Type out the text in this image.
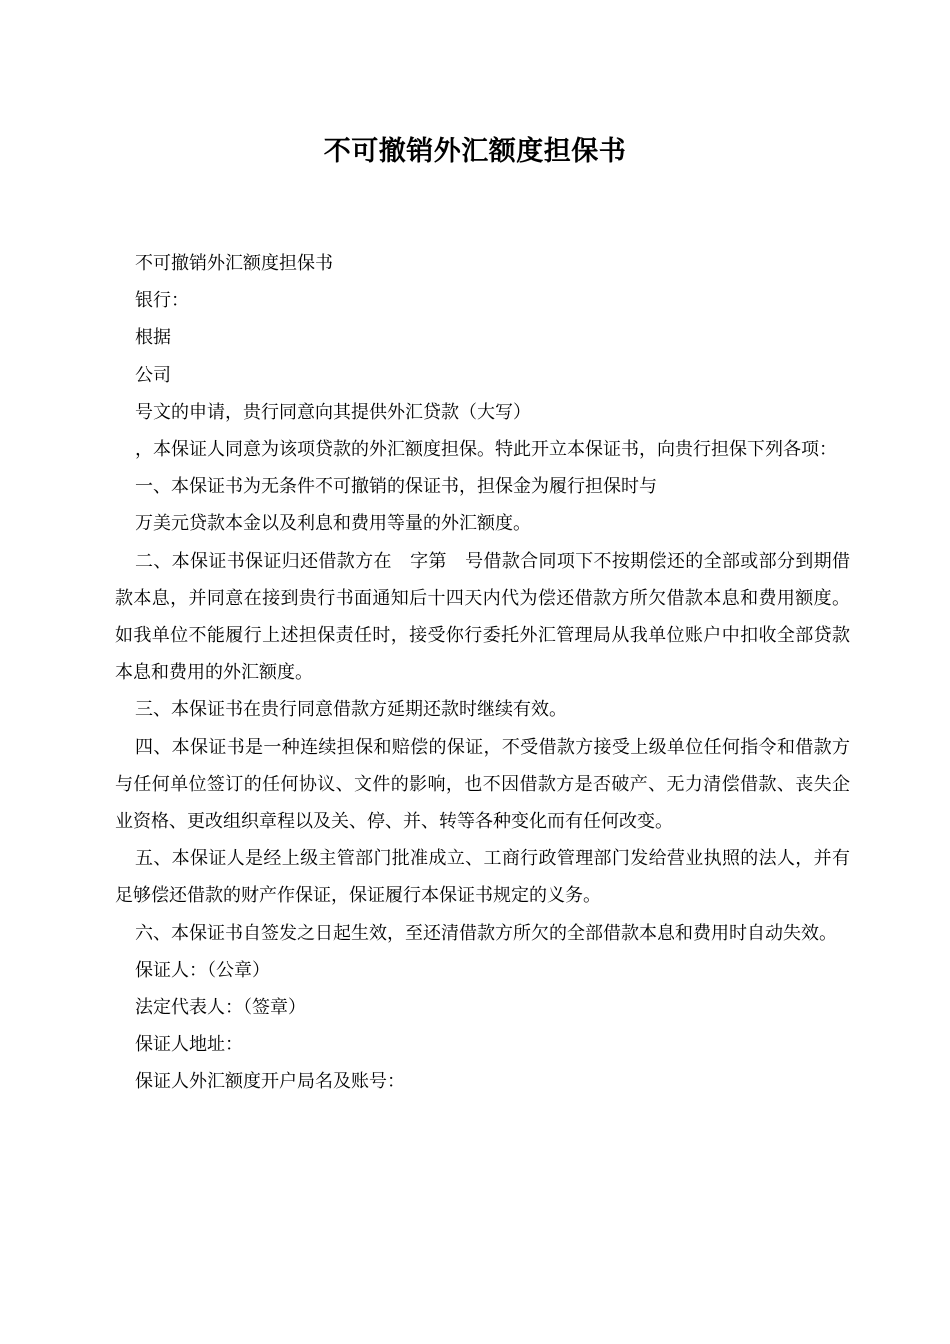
不可撤销外汇额度担保书

不可撤销外汇额度担保书

银行：

根据

公司

号文的申请，贵行同意向其提供外汇贷款（大写）

，本保证人同意为该项贷款的外汇额度担保。特此开立本保证书，向贵行担保下列各项：

一、本保证书为无条件不可撤销的保证书，担保金为履行担保时与

万美元贷款本金以及利息和费用等量的外汇额度。

二、本保证书保证归还借款方在　字第　号借款合同项下不按期偿还的全部或部分到期借款本息，并同意在接到贵行书面通知后十四天内代为偿还借款方所欠借款本息和费用额度。如我单位不能履行上述担保责任时，接受你行委托外汇管理局从我单位账户中扣收全部贷款本息和费用的外汇额度。

三、本保证书在贵行同意借款方延期还款时继续有效。

四、本保证书是一种连续担保和赔偿的保证，不受借款方接受上级单位任何指令和借款方与任何单位签订的任何协议、文件的影响，也不因借款方是否破产、无力清偿借款、丧失企业资格、更改组织章程以及关、停、并、转等各种变化而有任何改变。

五、本保证人是经上级主管部门批准成立、工商行政管理部门发给营业执照的法人，并有足够偿还借款的财产作保证，保证履行本保证书规定的义务。

六、本保证书自签发之日起生效，至还清借款方所欠的全部借款本息和费用时自动失效。

保证人：（公章）

法定代表人：（签章）

保证人地址：

保证人外汇额度开户局名及账号：
